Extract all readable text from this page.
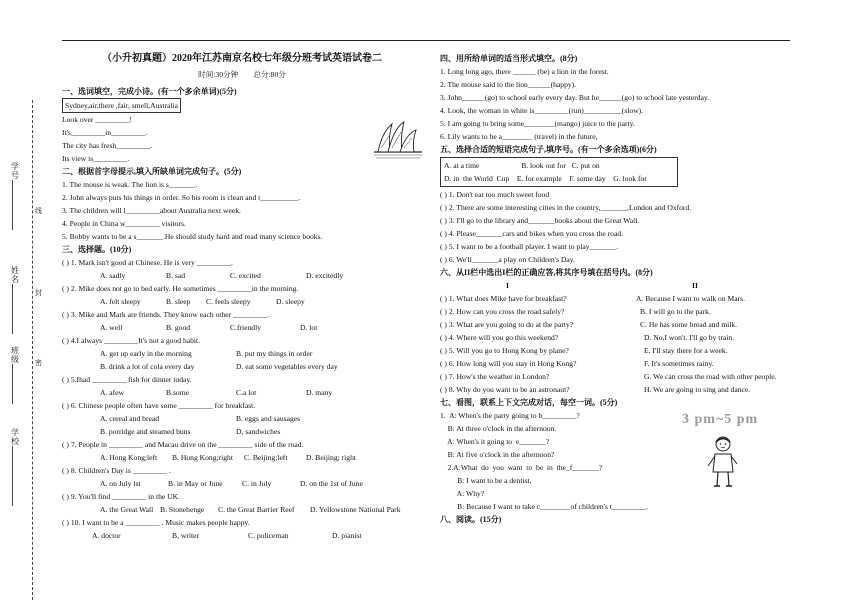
学号
姓名
班级
学校
线
封
密

（小升初真题）2020年江苏南京名校七年级分班考试英语试卷二

时间:30分钟 总分:80分

一、选词填空，完成小诗。(有一个多余单词)(5分)

Sydney,air,there ,fair, smell,Australia

Look over _________!

It's_________in_________.

The city has fresh_________.

Its view is_________.

二、根据首字母提示,填入所缺单词完成句子。(5分)

1. The mouse is weak. The lion is s_______.

2. John always puts his things in order. So his room is clean and t__________.

3. The children will l_________about Australia next week.

4. People in China w_________ visitors.

5. Bobby wants to be a s_______.He should study hard and read many science books.

三、选择题。(10分)

( ) 1. Mark isn't good at Chinese. He is very _________.

A. sadly	B. sad	C. excited	D. excitedly

( ) 2. Mike does not go to bed early. He sometimes _________in the morning.

A. felt sleepy	B. sleep C. feels sleepy	D. sleepy

( ) 3. Mike and Mark are friends. They know each other _________.

A. well	B. good	C.friendly	D. lot

( ) 4.I always _________It's not a good habit.

A. get up early in the morning	B. put my things in order

B. drink a lot of cola every day	D. eat some vegetables every day

( ) 5.Ihad _________ fish for dinner today.

A. afew	B.some	C.a lot	D. many

( ) 6. Chinese people often have some _________ for breakfast.

A. cereal and bread	B. eggs and sausages

B. porridge and steamed buns	D, sandwiches

( ) 7. People in _________ and Macau drive on the _________ side of the road.

A. Hong Kong;left B. Hong Kong;right C. Beijing;left D. Beijing; right

( ) 8. Children's Day is _________ .

A. on July lst	B. in May or June	C. in July	D. on the 1st of June

( ) 9. You'll find _________ in the UK.

A. the Great Wall B. Stonehenge C. the Great Barrier Reef D. Yellowstone National Park

( ) 10. I want to be a _________ . Music makes people happy.

A. doctor	B, writer	C. policeman	D. pianist

四、用所给单词的适当形式填空。(8分)

1. Long long ago, there ______ (be) a lion in the forest.

2. The mouse said to the lion______(happy).

3. John______(go) to school early every day. But he______(go) to school late yesterday.

4. Look, the woman in white is_________(run)__________(slow).

5. I am going to bring some________(mango) juice to the party.

6. Lily wants to be a________ (travel) in the future,

五、选择合适的短语完成句子,填序号。(有一个多余选项)(6分)

A. at a time                      B. look out for   C. put on

D. in  the World  Cup    E. for example    F. some day    G. look for

( ) 1. Don't eat too much sweet food

( ) 2. There are some interesting cities in the country,_______,London and Oxford.

( ) 3. I'll go to the library and_______books about the Great Wall.

( ) 4. Please_______cars and bikes when you cross the road.

( ) 5. I want to be a football player. I want to play_______.

( ) 6. We'll_______a play on Children's Day.

六、从II栏中选出I栏的正确应答,将其序号填在括号内。(8分)

I	II
( ) 1. What does Mike have for breakfast?	A. Because I want to walk on Mars.
( ) 2. How can you cross the road safely?	B. I will go to the park.
( ) 3. What are you going to do at the party?	C. He has some bread and milk.
( ) 4. Where will you go this weekend?	D. No,I won't. I'll go by train.
( ) 5. Will you go to Hong Kong by plane?	E. I'll stay there for a week.
( ) 6. How long will you stay in Hong Kong?	F. It's sometimes rainy.
( ) 7. How's the weather in London?	G. We can cross the road with other people.
( ) 8. Why do you want to be an astronaut?	H. We are going to sing and dance.

七、看图，联系上下文完成对话，每空一词。(5分)

1.  A: When's the party going to b_________?

B: At three o'clock in the afternoon.

A: When's it going to  e_______?

B: At five o'clock in the afternoon?

2.A:What  do  you  want  to  be  in  the_f_______?

B: I want to be a dentist,

A: Why?

B: Because I want to take c________of children's t_________.

八、阅读。(15分)

3 pm~5 pm
